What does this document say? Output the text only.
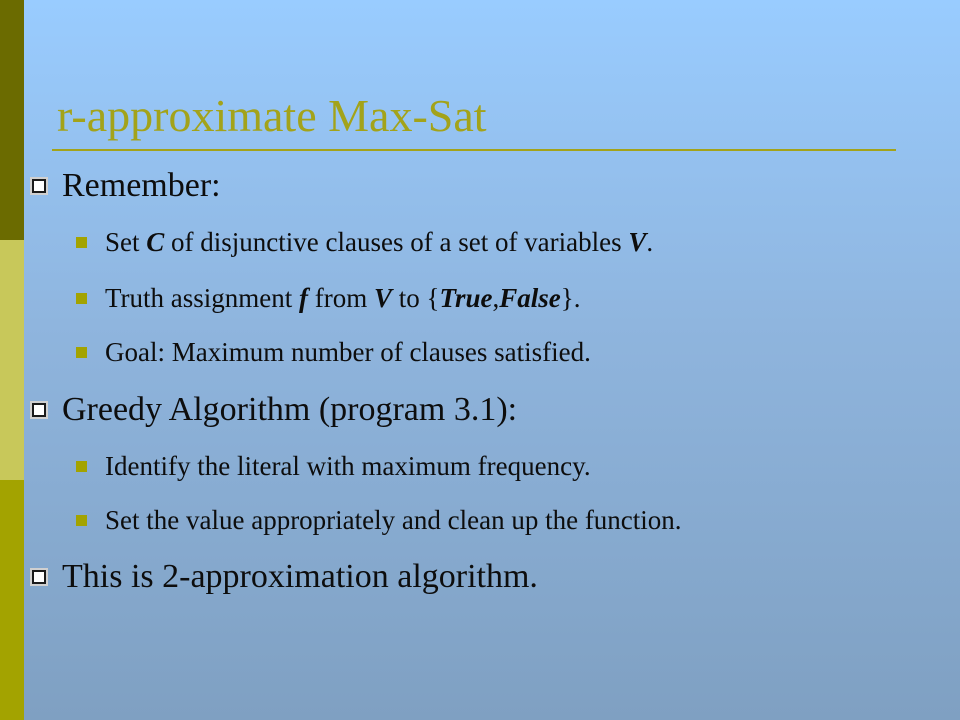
r-approximate Max-Sat
Remember:
Set C of disjunctive clauses of a set of variables V.
Truth assignment f from V to {True,False}.
Goal: Maximum number of clauses satisfied.
Greedy Algorithm (program 3.1):
Identify the literal with maximum frequency.
Set the value appropriately and clean up the function.
This is 2-approximation algorithm.
